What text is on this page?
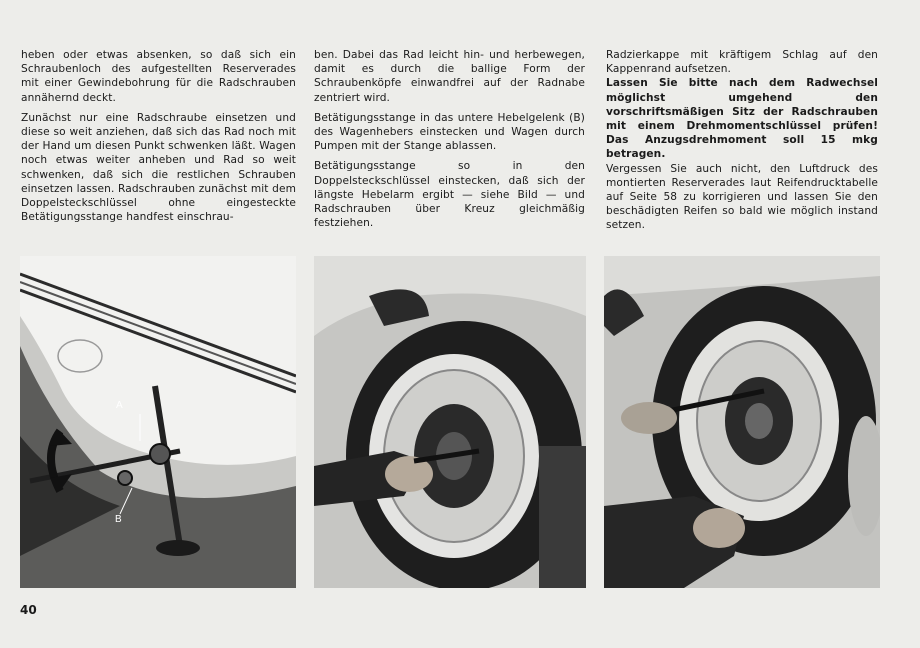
heben oder etwas absenken, so daß sich ein Schraubenloch des aufgestellten Reserverades mit einer Gewindebohrung für die Radschrauben annähernd deckt.

Zunächst nur eine Radschraube einsetzen und diese so weit anziehen, daß sich das Rad noch mit der Hand um diesen Punkt schwenken läßt. Wagen noch etwas weiter anheben und Rad so weit schwenken, daß sich die restlichen Schrauben einsetzen lassen. Radschrauben zunächst mit dem Doppelsteckschlüssel ohne eingesteckte Betätigungsstange handfest einschrau-

ben. Dabei das Rad leicht hin- und herbewegen, damit es durch die ballige Form der Schraubenköpfe einwandfrei auf der Radnabe zentriert wird.

Betätigungsstange in das untere Hebelgelenk (B) des Wagenhebers einstecken und Wagen durch Pumpen mit der Stange ablassen.

Betätigungsstange so in den Doppelsteckschlüssel einstecken, daß sich der längste Hebelarm ergibt — siehe Bild — und Radschrauben über Kreuz gleichmäßig festziehen.

Radzierkappe mit kräftigem Schlag auf den Kappenrand aufsetzen.

Lassen Sie bitte nach dem Radwechsel möglichst umgehend den vorschriftsmäßigen Sitz der Radschrauben mit einem Drehmomentschlüssel prüfen! Das Anzugsdrehmoment soll 15 mkg betragen.

Vergessen Sie auch nicht, den Luftdruck des montierten Reserverades laut Reifendrucktabelle auf Seite 58 zu korrigieren und lassen Sie den beschädigten Reifen so bald wie möglich instand setzen.

A
B
40
